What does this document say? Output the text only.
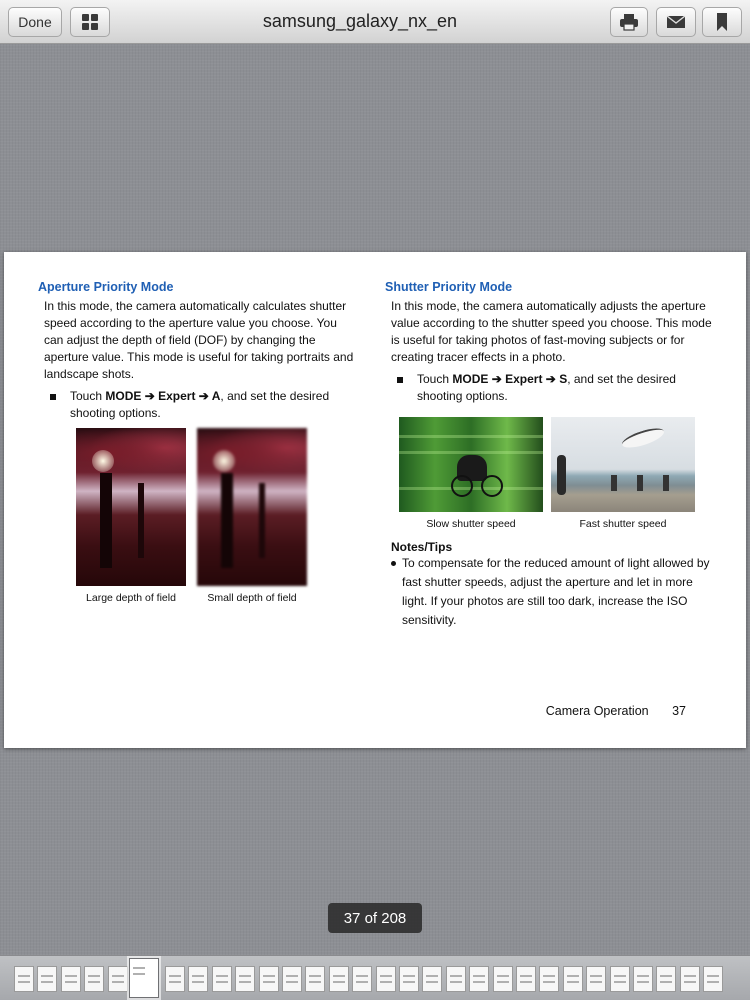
Done	samsung_galaxy_nx_en
Aperture Priority Mode
In this mode, the camera automatically calculates shutter speed according to the aperture value you choose. You can adjust the depth of field (DOF) by changing the aperture value. This mode is useful for taking portraits and landscape shots.
Touch MODE ➔ Expert ➔ A, and set the desired shooting options.
Large depth of field	Small depth of field
Shutter Priority Mode
In this mode, the camera automatically adjusts the aperture value according to the shutter speed you choose. This mode is useful for taking photos of fast-moving subjects or for creating tracer effects in a photo.
Touch MODE ➔ Expert ➔ S, and set the desired shooting options.
Slow shutter speed	Fast shutter speed
Notes/Tips
To compensate for the reduced amount of light allowed by fast shutter speeds, adjust the aperture and let in more light. If your photos are still too dark, increase the ISO sensitivity.
Camera Operation 37
37 of 208
